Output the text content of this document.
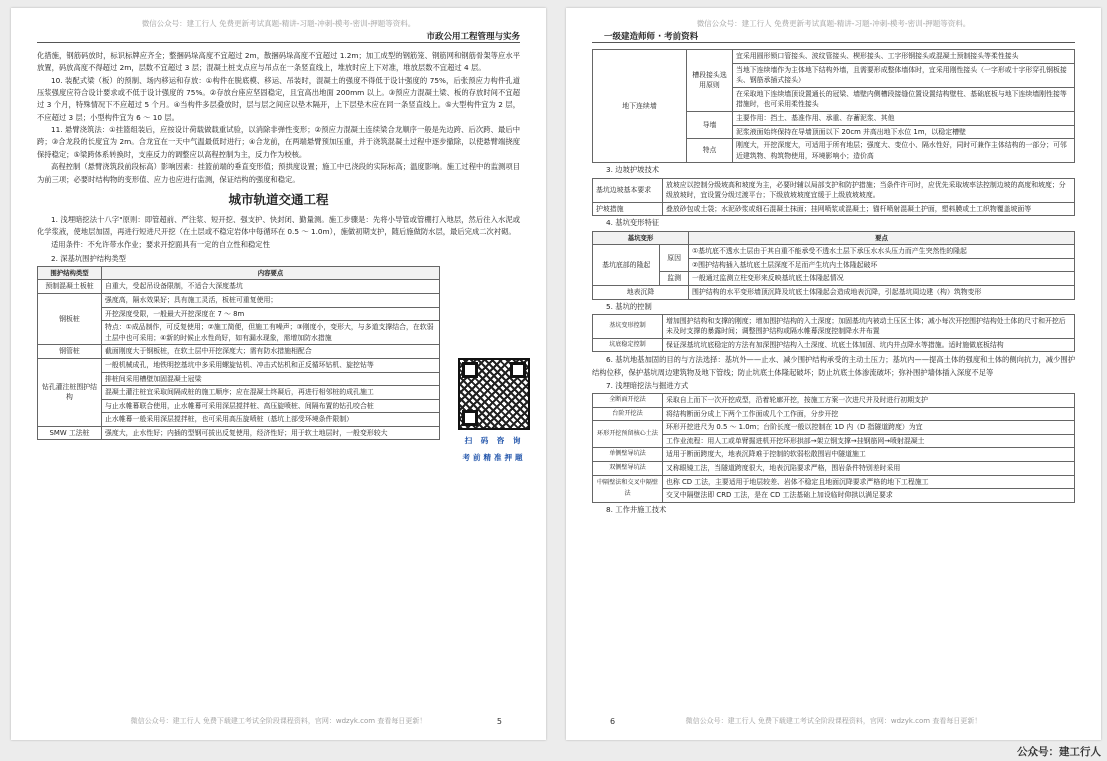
微信公众号：建工行人 免费更新考试真题-精讲-习题-冲刺-模考-密训-押题等资料。
市政公用工程管理与实务

化措施，钢筋码放时，标识标牌应齐全；整捆码垛高度不宜超过 2m，散捆码垛高度不宜超过 1.2m；加工成型的钢筋笼、钢筋网和钢筋骨架等应水平放置，码放高度不得超过 2m，层数不宜超过 3 层；混凝土桩支点应与吊点在一条竖直线上，堆放时应上下对准，堆放层数不宜超过 4 层。

10. 装配式梁（板）的预制、场内移运和存放：①构件在脱底模、移运、吊装时，混凝土的强度不得低于设计强度的 75%，后张预应力构件孔道压浆强度应符合设计要求或不低于设计强度的 75%。②存放台座应坚固稳定，且宜高出地面 200mm 以上。③预应力混凝土梁、板的存放时间不宜超过 3 个月，特殊情况下不应超过 5 个月。④当构件多层叠放时，层与层之间应以垫木隔开，上下层垫木应在同一条竖直线上。⑤大型构件宜为 2 层，不应超过 3 层；小型构件宜为 6 ～ 10 层。

11. 悬臂浇筑法：①挂篮组装后，应按设计荷载做载重试验，以消除非弹性变形；②预应力混凝土连续梁合龙顺序一般是先边跨、后次跨、最后中跨；③合龙段的长度宜为 2m。合龙宜在一天中气温最低时进行；④合龙前，在两端悬臂预加压重，并于浇筑混凝土过程中逐步撤除，以使悬臂端挠度保持稳定；⑤梁跨体系转换时，支座反力的调整应以高程控制为主，反力作为校核。

高程控制（悬臂浇筑段前段标高）影响因素：挂篮前端的垂直变形值；预拱度设置；施工中已浇段的实际标高；温度影响。施工过程中的监测项目为前三项；必要时结构物的变形值、应力也应进行监测，保证结构的强度和稳定。

城市轨道交通工程

1. 浅埋暗挖法十八字"原则：即管超前、严注浆、短开挖、强支护、快封闭、勤量测。施工步骤是：先将小导管或管棚打入地层，然后往入水泥或化学浆液，使地层加固，再进行短进尺开挖（在土层或不稳定岩体中每循环在 0.5 ～ 1.0m），施做初期支护，随后施做防水层，最后完成二次衬砌。

适用条件：不允许带水作业；要求开挖面具有一定的自立性和稳定性

2. 深基坑围护结构类型

围护结构类型	内容要点
预制混凝土板桩	自重大，受起吊设备限制，不适合大深度基坑
钢板桩	强度高，隔水效果好；具有施工灵活，板桩可重复使用；
	开挖深度受限，一般最大开挖深度在 7 ～ 8m
	特点：①成品制作，可反复使用；②施工简便，但施工有噪声；③刚度小，变形大，与多道支撑结合，在软弱土层中也可采用；④新的时候止水性尚好，如有漏水现象，需增加防水措施
钢管桩	截面刚度大于钢板桩，在软土层中开挖深度大；需有防水措施相配合
钻孔灌注桩围护结构	一般机械成孔，地铁明挖基坑中多采用螺旋钻机、冲击式钻机和正反循环钻机、旋挖钻等
	排桩间采用槽壁加固混凝土冠梁
	混凝土灌注桩宜采取间隔成桩的施工顺序；应在混凝土终凝后，再进行相邻桩的成孔施工
	与止水帷幕联合使用，止水帷幕可采用深层搅拌桩、高压旋喷桩、间隔布置的钻孔咬合桩
	止水帷幕一般采用深层搅拌桩，也可采用高压旋喷桩（基坑上部受环境条件限制）
SMW 工法桩	强度大，止水性好；内插的型钢可拔出反复使用，经济性好；用于软土地层时，一般变形较大
扫 码 咨 询
考前精准押题
微信公众号：建工行人 免费下载建工考试全阶段课程资料，官网：wdzyk.com 查看每日更新！	5
微信公众号：建工行人 免费更新考试真题-精讲-习题-冲刺-模考-密训-押题等资料。
一级建造师师 · 考前资料
地下连续墙	槽段接头选用原则	宜采用圆形锁口管接头、波纹管接头、楔形接头、工字形钢接头或混凝土预制接头等柔性接头
		当地下连续墙作为主体地下结构外墙，且需要形成整体墙体时，宜采用刚性接头（一字形或十字形穿孔钢板接头、钢筋承插式接头）
		在采取地下连续墙顶设置通长的冠梁、墙壁内侧槽段接缝位置设置结构壁柱、基础底板与地下连续墙刚性接等措施时，也可采用柔性接头
	导墙	主要作用：挡土、基准作用、承重、存蓄泥浆、其他
		泥浆液面始终保持在导墙顶面以下 20cm 并高出地下水位 1m，以稳定槽壁
	特点	刚度大，开挖深度大，可适用于所有地层；强度大、变位小、隔水性好，同时可兼作主体结构的一部分；可邻近建筑物、构筑物使用，环境影响小；造价高

3. 边坡护坡技术

基坑边坡基本要求	放坡应以控制分级坡高和坡度为主，必要时辅以局部支护和防护措施；当条件许可时，应优先采取坡率法控制边坡的高度和坡度；分级放坡时，宜设置分级过渡平台；下级放坡坡度宜缓于上级放坡坡度。
护坡措施	叠放砂包或土袋；水泥砂浆或细石混凝土抹面；挂网喷浆或混凝土；锚杆喷射混凝土护面，塑料膜或土工织物覆盖坡面等

4. 基坑变形特征

基坑变形		要点
基坑底部的隆起	原因	①基坑底不透水土层由于其自重不能承受不透水土层下承压水水头压力而产生突然性的隆起
		②围护结构插入基坑底土层深度不足而产生坑内土体隆起破坏
	监测	一般通过监测立柱变形来反映基坑底土体隆起情况
地表沉降		围护结构的水平变形墙顶沉降及坑底土体隆起会造成地表沉降，引起基坑周边建（构）筑物变形

5. 基坑的控制

基坑变形控制	增加围护结构和支撑的刚度；增加围护结构的入土深度；加固基坑内被动土压区土体；减小每次开挖围护结构处土体的尺寸和开挖后未及时支撑的暴露时间；调整围护结构或隔水帷幕深度控制降水井布置
坑底稳定控制	保证深基坑坑底稳定的方法有加深围护结构入土深度、坑底土体加固、坑内井点降水等措施。适时施做底板结构

6. 基坑地基加固的目的与方法选择：基坑外——止水、减少围护结构承受的主动土压力；基坑内——提高土体的强度和土体的侧向抗力，减少围护结构位移，保护基坑周边建筑物及地下管线；防止坑底土体隆起破坏；防止坑底土体渗流破坏；弥补围护墙体插入深度不足等

7. 浅埋暗挖法与掘进方式

全断面开挖法	采取自上而下一次开挖成型，沿着轮廓开挖，按施工方案一次进尺并及时进行初期支护
台阶开挖法	将结构断面分成上下两个工作面或几个工作面，分步开挖
环形开挖预留核心土法	环形开挖进尺为 0.5 ～ 1.0m；台阶长度一般以控制在 1D 内（D 指隧道跨度）为宜
	工作业流程：用人工或单臂掘进机开挖环形拱部→架立钢支撑→挂钢筋网→喷射混凝土
单侧壁导坑法	适用于断面跨度大，地表沉降难于控制的软弱松散围岩中隧道施工
双侧壁导坑法	又称眼镜工法，当隧道跨度很大，地表沉陷要求严格，围岩条件特别差时采用
中隔壁法和交叉中隔壁法	也称 CD 工法，主要适用于地层较差、岩体不稳定且地面沉降要求严格的地下工程施工
	交叉中隔壁法即 CRD 工法，是在 CD 工法基础上加设临时仰拱以满足要求

8. 工作井施工技术

微信公众号：建工行人 免费下载建工考试全阶段课程资料，官网：wdzyk.com 查看每日更新！
6
公众号：建工行人
